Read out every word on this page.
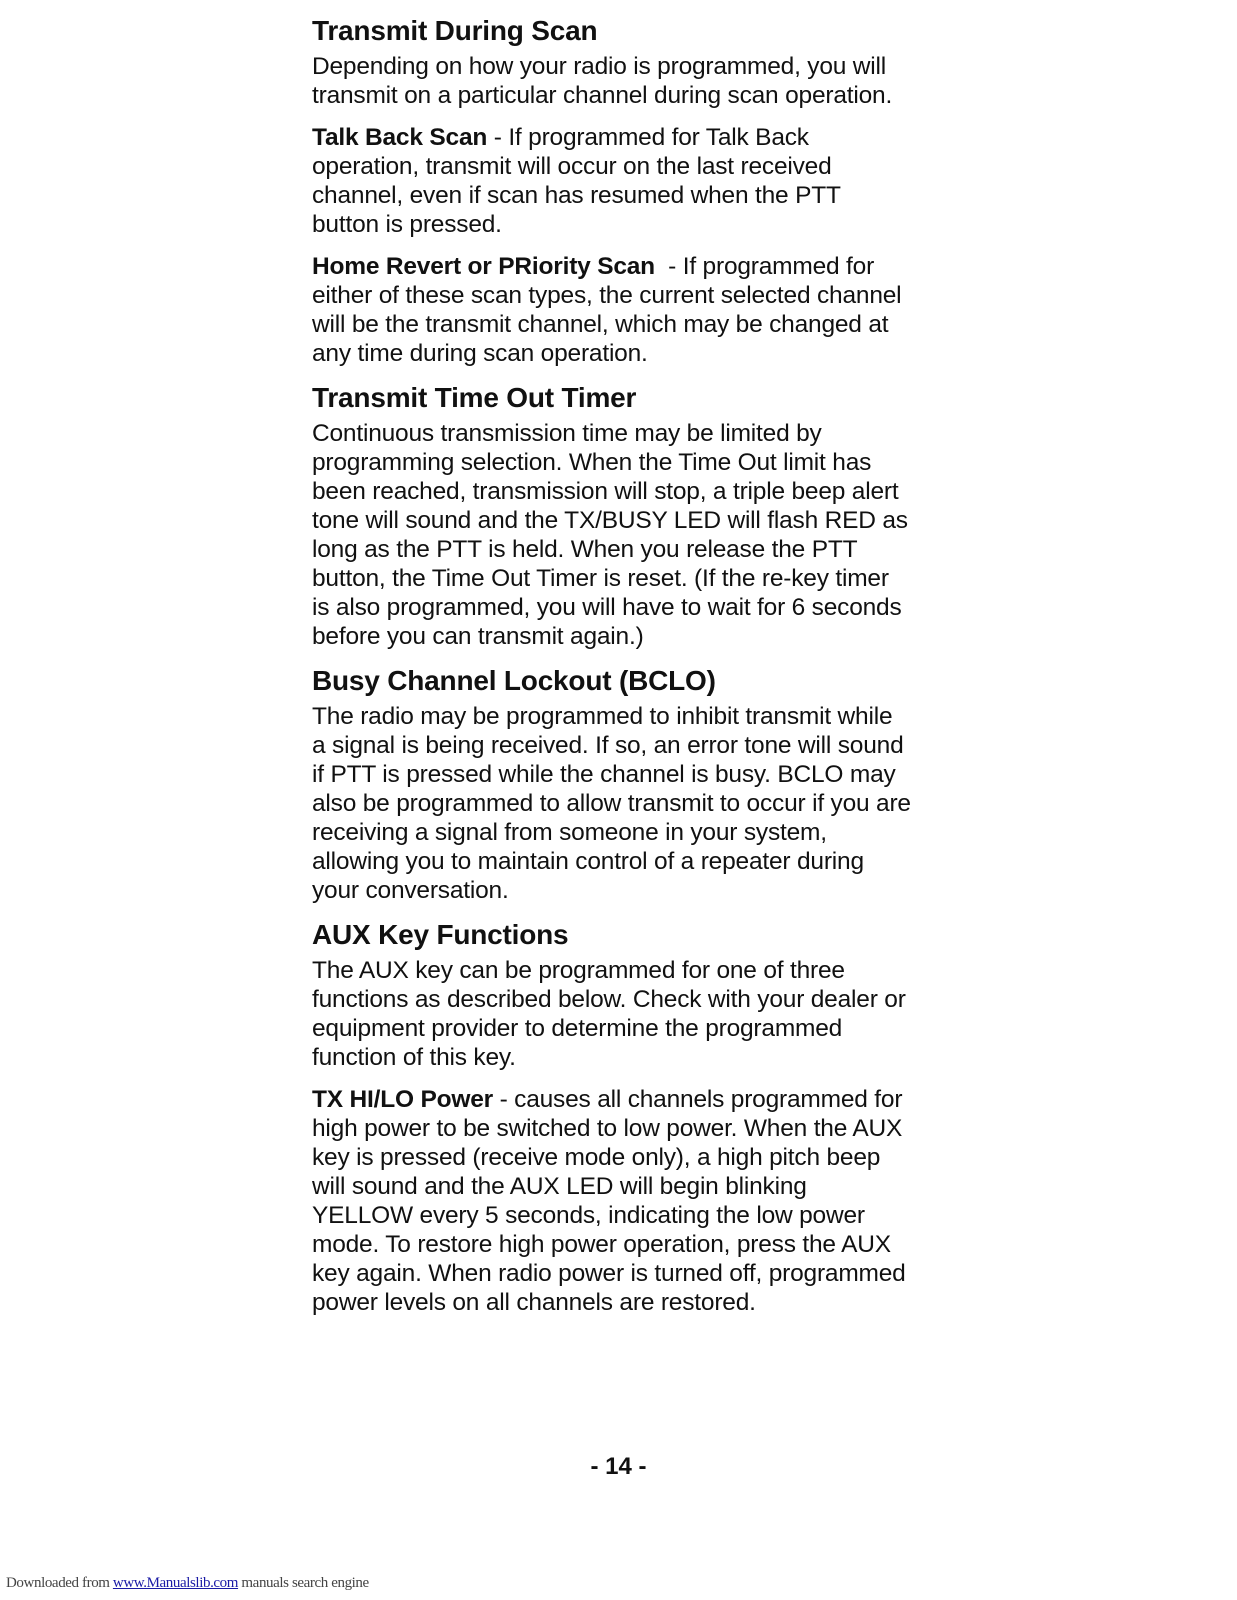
Transmit During Scan

Depending on how your radio is programmed, you will transmit on a particular channel during scan operation.

Talk Back Scan - If programmed for Talk Back operation, transmit will occur on the last received channel, even if scan has resumed when the PTT button is pressed.

Home Revert or PRiority Scan  - If programmed for either of these scan types, the current selected channel will be the transmit channel, which may be changed at any time during scan operation.

Transmit Time Out Timer

Continuous transmission time may be limited by programming selection. When the Time Out limit has been reached, transmission will stop, a triple beep alert tone will sound and the TX/BUSY LED will flash RED as long as the PTT is held. When you release the PTT button, the Time Out Timer is reset. (If the re-key timer is also programmed, you will have to wait for 6 seconds before you can transmit again.)

Busy Channel Lockout (BCLO)

The radio may be programmed to inhibit transmit while a signal is being received. If so, an error tone will sound if PTT is pressed while the channel is busy. BCLO may also be programmed to allow transmit to occur if you are receiving a signal from someone in your system, allowing you to maintain control of a repeater during your conversation.

AUX Key Functions

The AUX key can be programmed for one of three functions as described below. Check with your dealer or equipment provider to determine the programmed function of this key.

TX HI/LO Power - causes all channels programmed for high power to be switched to low power. When the AUX key is pressed (receive mode only), a high pitch beep will sound and the AUX LED will begin blinking YELLOW every 5 seconds, indicating the low power mode. To restore high power operation, press the AUX key again. When radio power is turned off, programmed power levels on all channels are restored.

- 14 -
Downloaded from www.Manualslib.com manuals search engine
